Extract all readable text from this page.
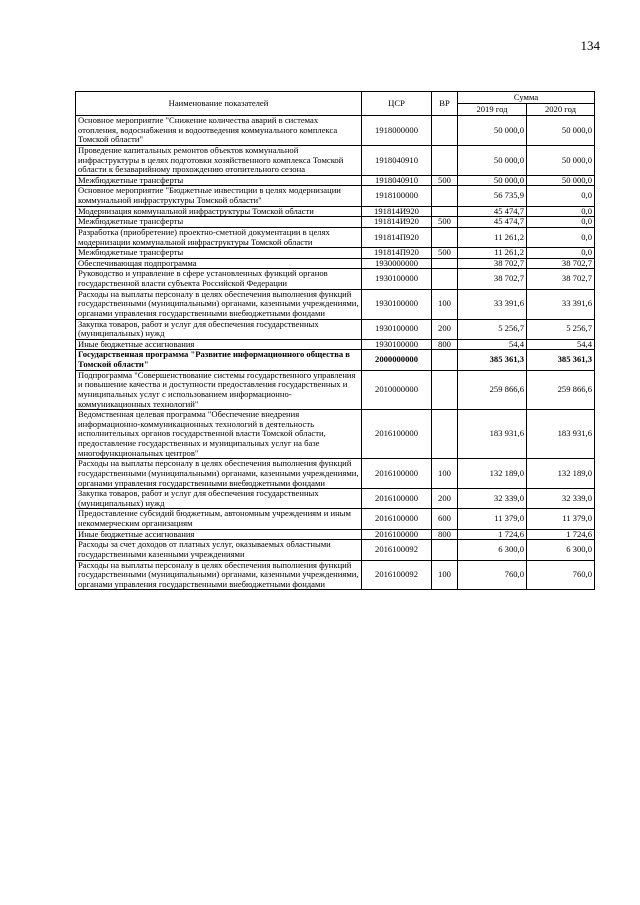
134
Наименование показателей	ЦСР	ВР	Сумма	
			2019 год	2020 год
Основное мероприятие "Снижение количества аварий в системах отопления, водоснабжения и водоотведения коммунального комплекса Томской области"	1918000000		50 000,0	50 000,0
Проведение капитальных ремонтов объектов коммунальной инфраструктуры в целях подготовки хозяйственного комплекса Томской области к безаварийному прохождению отопительного сезона	1918040910		50 000,0	50 000,0
Межбюджетные трансферты	1918040910	500	50 000,0	50 000,0
Основное мероприятие "Бюджетные инвестиции в целях модернизации коммунальной инфраструктуры Томской области"	1918100000		56 735,9	0,0
Модернизация коммунальной инфраструктуры Томской области	191814И920		45 474,7	0,0
Межбюджетные трансферты	191814И920	500	45 474,7	0,0
Разработка (приобретение) проектно-сметной документации в целях модернизации коммунальной инфраструктуры Томской области	191814П920		11 261,2	0,0
Межбюджетные трансферты	191814П920	500	11 261,2	0,0
Обеспечивающая подпрограмма	1930000000		38 702,7	38 702,7
Руководство и управление в сфере установленных функций органов государственной власти субъекта Российской Федерации	1930100000		38 702,7	38 702,7
Расходы на выплаты персоналу в целях обеспечения выполнения функций государственными (муниципальными) органами, казенными учреждениями, органами управления государственными внебюджетными фондами	1930100000	100	33 391,6	33 391,6
Закупка товаров, работ и услуг для обеспечения государственных (муниципальных) нужд	1930100000	200	5 256,7	5 256,7
Иные бюджетные ассигнования	1930100000	800	54,4	54,4
Государственная программа "Развитие информационного общества в Томской области"	2000000000		385 361,3	385 361,3
Подпрограмма "Совершенствование системы государственного управления и повышение качества и доступности предоставления государственных и муниципальных услуг с использованием информационно-коммуникационных технологий"	2010000000		259 866,6	259 866,6
Ведомственная целевая программа "Обеспечение внедрения информационно-коммуникационных технологий в деятельность исполнительных органов государственной власти Томской области, предоставление государственных и муниципальных услуг на базе многофункциональных центров"	2016100000		183 931,6	183 931,6
Расходы на выплаты персоналу в целях обеспечения выполнения функций государственными (муниципальными) органами, казенными учреждениями, органами управления государственными внебюджетными фондами	2016100000	100	132 189,0	132 189,0
Закупка товаров, работ и услуг для обеспечения государственных (муниципальных) нужд	2016100000	200	32 339,0	32 339,0
Предоставление субсидий бюджетным, автономным учреждениям и иным некоммерческим организациям	2016100000	600	11 379,0	11 379,0
Иные бюджетные ассигнования	2016100000	800	1 724,6	1 724,6
Расходы за счет доходов от платных услуг, оказываемых областными государственными казенными учреждениями	2016100092		6 300,0	6 300,0
Расходы на выплаты персоналу в целях обеспечения выполнения функций государственными (муниципальными) органами, казенными учреждениями, органами управления государственными внебюджетными фондами	2016100092	100	760,0	760,0
